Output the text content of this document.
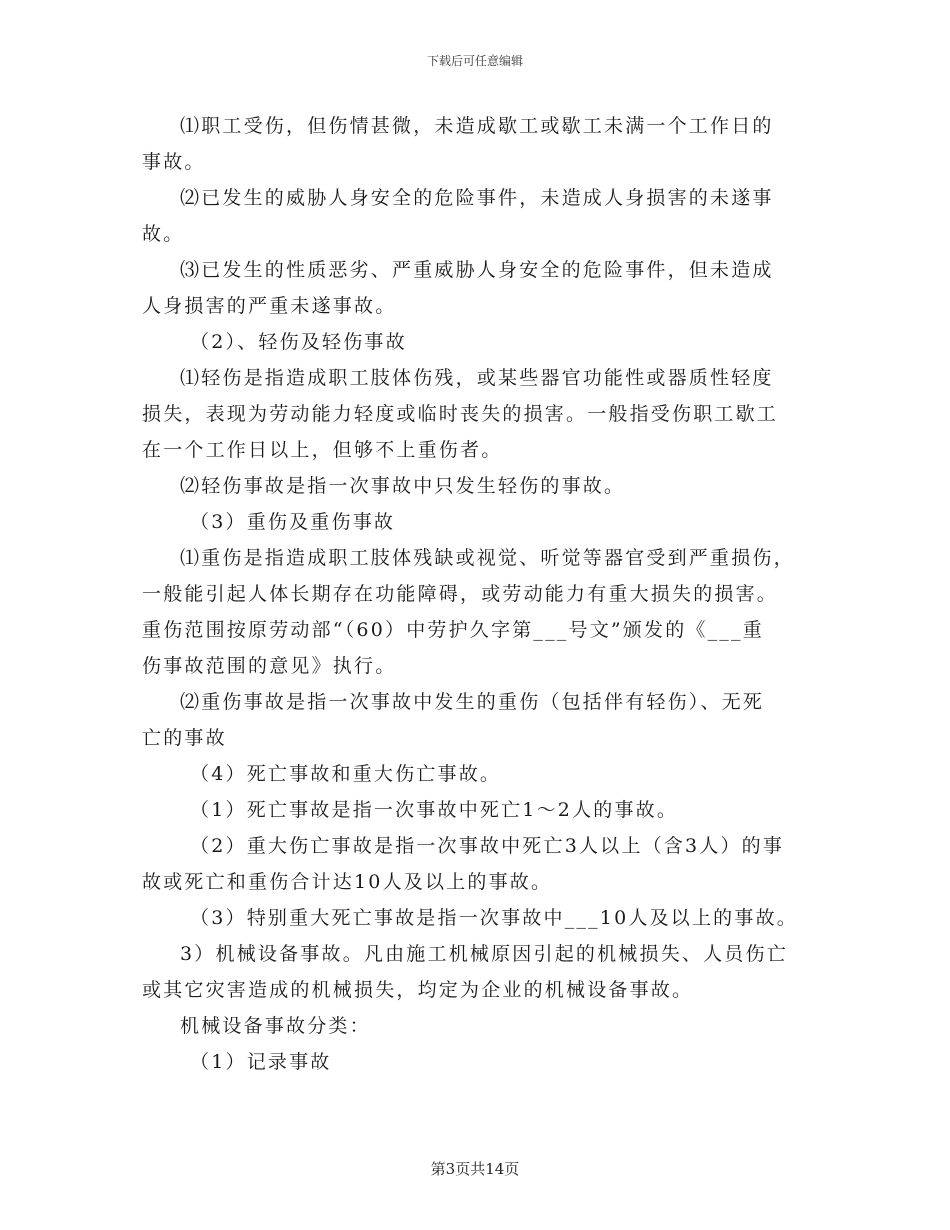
下载后可任意编辑
⑴职工受伤，但伤情甚微，未造成歇工或歇工未满一个工作日的
事故。
⑵已发生的威胁人身安全的危险事件，未造成人身损害的未遂事
故。
⑶已发生的性质恶劣、严重威胁人身安全的危险事件，但未造成
人身损害的严重未遂事故。
（2）、轻伤及轻伤事故
⑴轻伤是指造成职工肢体伤残，或某些器官功能性或器质性轻度
损失，表现为劳动能力轻度或临时丧失的损害。一般指受伤职工歇工
在一个工作日以上，但够不上重伤者。
⑵轻伤事故是指一次事故中只发生轻伤的事故。
（3）重伤及重伤事故
⑴重伤是指造成职工肢体残缺或视觉、听觉等器官受到严重损伤，
一般能引起人体长期存在功能障碍，或劳动能力有重大损失的损害。
重伤范围按原劳动部“（60）中劳护久字第___号文”颁发的《___重
伤事故范围的意见》执行。
⑵重伤事故是指一次事故中发生的重伤（包括伴有轻伤）、无死
亡的事故
（4）死亡事故和重大伤亡事故。
（1）死亡事故是指一次事故中死亡1～2人的事故。
（2）重大伤亡事故是指一次事故中死亡3人以上（含3人）的事
故或死亡和重伤合计达10人及以上的事故。
（3）特别重大死亡事故是指一次事故中___10人及以上的事故。
3）机械设备事故。凡由施工机械原因引起的机械损失、人员伤亡
或其它灾害造成的机械损失，均定为企业的机械设备事故。
机械设备事故分类：
（1）记录事故
第3页共14页
